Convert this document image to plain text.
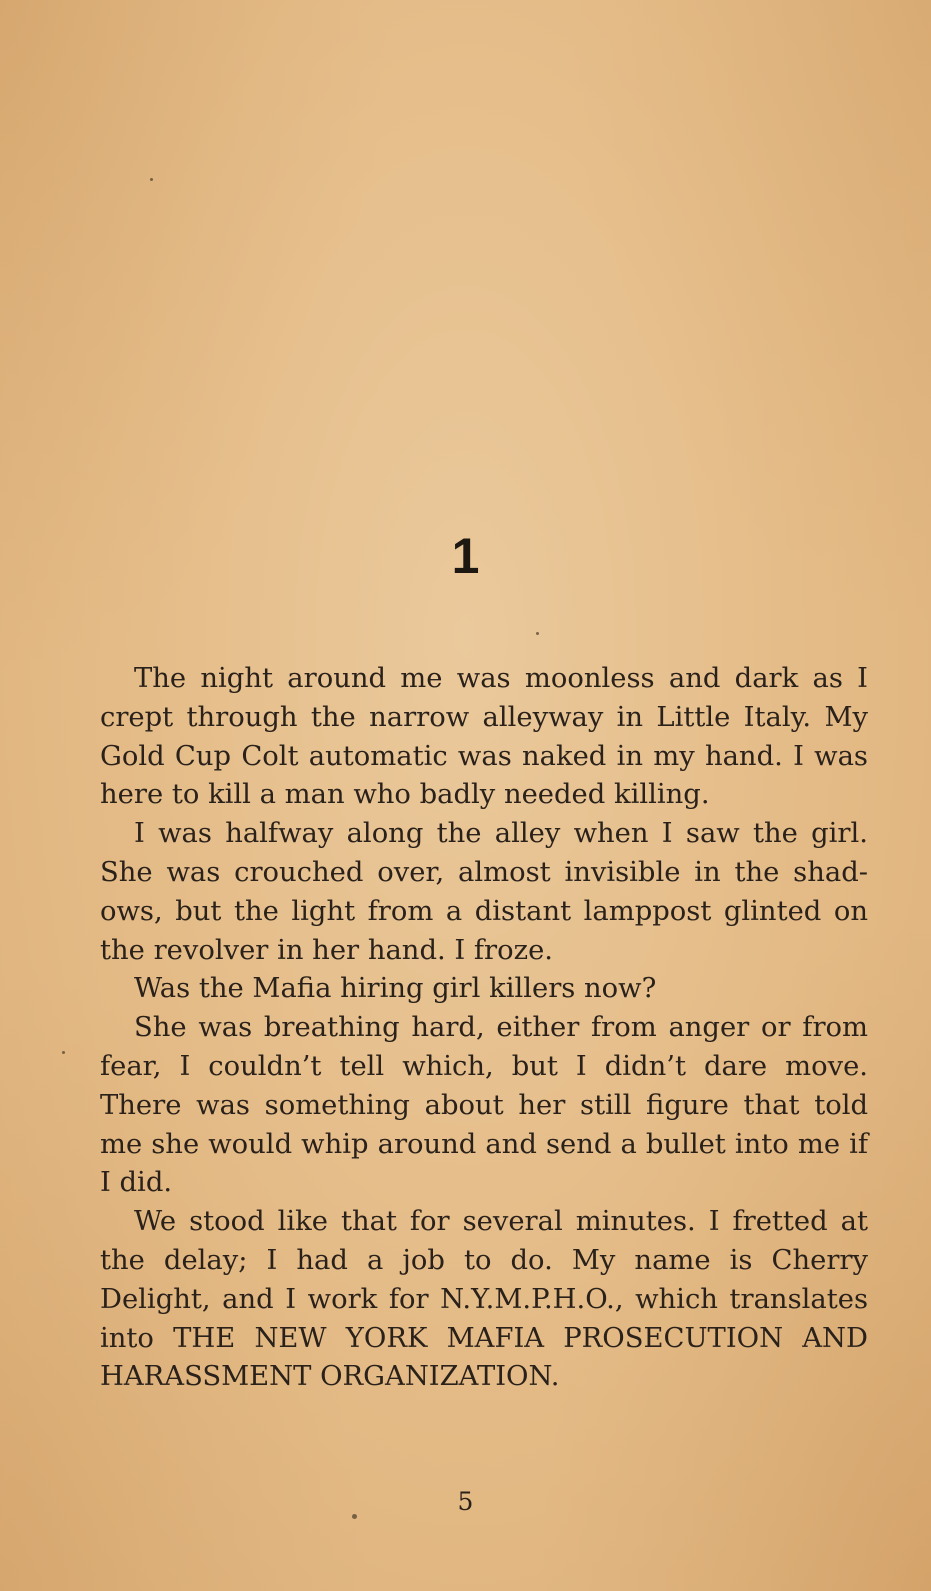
1

The night around me was moonless and dark as I crept through the narrow alleyway in Little Italy. My Gold Cup Colt automatic was naked in my hand. I was here to kill a man who badly needed killing.

I was halfway along the alley when I saw the girl. She was crouched over, almost invisible in the shadows, but the light from a distant lamppost glinted on the revolver in her hand. I froze.

Was the Mafia hiring girl killers now?

She was breathing hard, either from anger or from fear, I couldn’t tell which, but I didn’t dare move. There was something about her still figure that told me she would whip around and send a bullet into me if I did.

We stood like that for several minutes. I fretted at the delay; I had a job to do. My name is Cherry Delight, and I work for N.Y.M.P.H.O., which translates into THE NEW YORK MAFIA PROSECUTION AND HARASSMENT ORGANIZATION.

5
